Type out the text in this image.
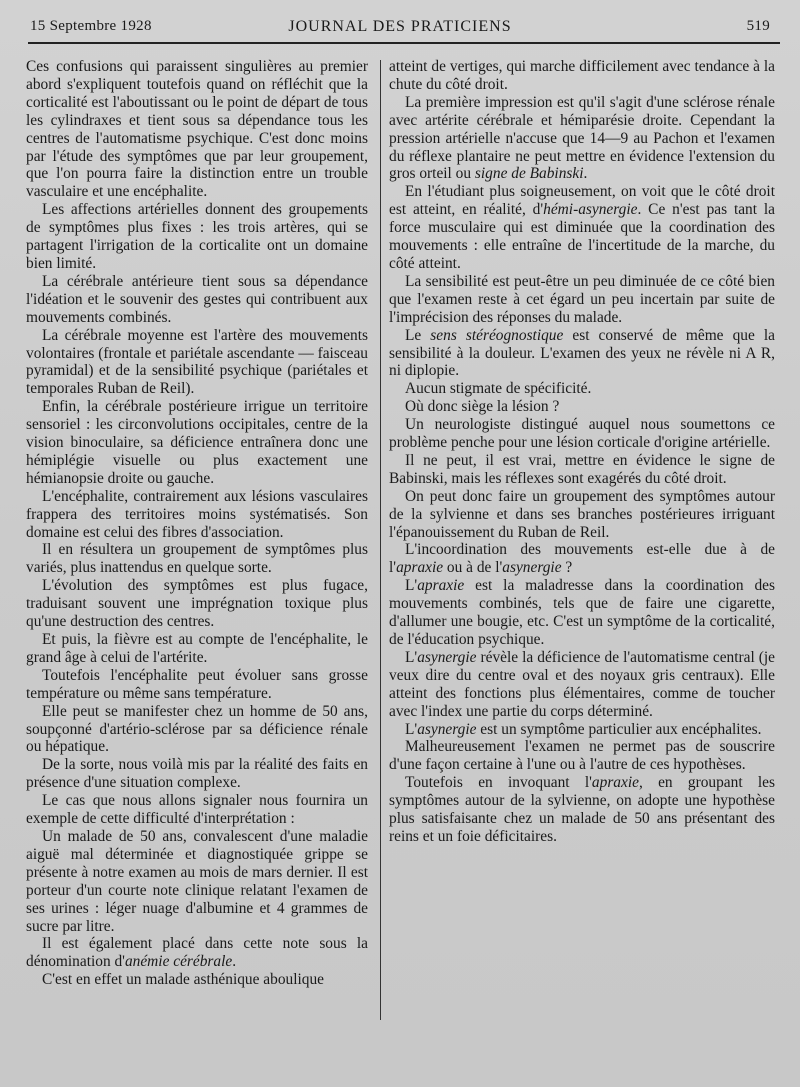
15 Septembre 1928	JOURNAL DES PRATICIENS	519

Ces confusions qui paraissent singulières au premier abord s'expliquent toutefois quand on réfléchit que la corticalité est l'aboutissant ou le point de départ de tous les cylindraxes et tient sous sa dépendance tous les centres de l'automatisme psychique. C'est donc moins par l'étude des symptômes que par leur groupement, que l'on pourra faire la distinction entre un trouble vasculaire et une encéphalite.

Les affections artérielles donnent des groupements de symptômes plus fixes : les trois artères, qui se partagent l'irrigation de la corticalite ont un domaine bien limité.

La cérébrale antérieure tient sous sa dépendance l'idéation et le souvenir des gestes qui contribuent aux mouvements combinés.

La cérébrale moyenne est l'artère des mouvements volontaires (frontale et pariétale ascendante — faisceau pyramidal) et de la sensibilité psychique (pariétales et temporales Ruban de Reil).

Enfin, la cérébrale postérieure irrigue un territoire sensoriel : les circonvolutions occipitales, centre de la vision binoculaire, sa déficience entraînera donc une hémiplégie visuelle ou plus exactement une hémianopsie droite ou gauche.

L'encéphalite, contrairement aux lésions vasculaires frappera des territoires moins systématisés. Son domaine est celui des fibres d'association.

Il en résultera un groupement de symptômes plus variés, plus inattendus en quelque sorte.

L'évolution des symptômes est plus fugace, traduisant souvent une imprégnation toxique plus qu'une destruction des centres.

Et puis, la fièvre est au compte de l'encéphalite, le grand âge à celui de l'artérite.

Toutefois l'encéphalite peut évoluer sans grosse température ou même sans température.

Elle peut se manifester chez un homme de 50 ans, soupçonné d'artério-sclérose par sa déficience rénale ou hépatique.

De la sorte, nous voilà mis par la réalité des faits en présence d'une situation complexe.

Le cas que nous allons signaler nous fournira un exemple de cette difficulté d'interprétation :

Un malade de 50 ans, convalescent d'une maladie aiguë mal déterminée et diagnostiquée grippe se présente à notre examen au mois de mars dernier. Il est porteur d'un courte note clinique relatant l'examen de ses urines : léger nuage d'albumine et 4 grammes de sucre par litre.

Il est également placé dans cette note sous la dénomination d'anémie cérébrale.

C'est en effet un malade asthénique aboulique

atteint de vertiges, qui marche difficilement avec tendance à la chute du côté droit.

La première impression est qu'il s'agit d'une sclérose rénale avec artérite cérébrale et hémiparésie droite. Cependant la pression artérielle n'accuse que 14—9 au Pachon et l'examen du réflexe plantaire ne peut mettre en évidence l'extension du gros orteil ou signe de Babinski.

En l'étudiant plus soigneusement, on voit que le côté droit est atteint, en réalité, d'hémi-asynergie. Ce n'est pas tant la force musculaire qui est diminuée que la coordination des mouvements : elle entraîne de l'incertitude de la marche, du côté atteint.

La sensibilité est peut-être un peu diminuée de ce côté bien que l'examen reste à cet égard un peu incertain par suite de l'imprécision des réponses du malade.

Le sens stéréognostique est conservé de même que la sensibilité à la douleur. L'examen des yeux ne révèle ni A R, ni diplopie.

Aucun stigmate de spécificité.

Où donc siège la lésion ?

Un neurologiste distingué auquel nous soumettons ce problème penche pour une lésion corticale d'origine artérielle.

Il ne peut, il est vrai, mettre en évidence le signe de Babinski, mais les réflexes sont exagérés du côté droit.

On peut donc faire un groupement des symptômes autour de la sylvienne et dans ses branches postérieures irriguant l'épanouissement du Ruban de Reil.

L'incoordination des mouvements est-elle due à de l'apraxie ou à de l'asynergie ?

L'apraxie est la maladresse dans la coordination des mouvements combinés, tels que de faire une cigarette, d'allumer une bougie, etc. C'est un symptôme de la corticalité, de l'éducation psychique.

L'asynergie révèle la déficience de l'automatisme central (je veux dire du centre oval et des noyaux gris centraux). Elle atteint des fonctions plus élémentaires, comme de toucher avec l'index une partie du corps déterminé.

L'asynergie est un symptôme particulier aux encéphalites.

Malheureusement l'examen ne permet pas de souscrire d'une façon certaine à l'une ou à l'autre de ces hypothèses.

Toutefois en invoquant l'apraxie, en groupant les symptômes autour de la sylvienne, on adopte une hypothèse plus satisfaisante chez un malade de 50 ans présentant des reins et un foie déficitaires.
